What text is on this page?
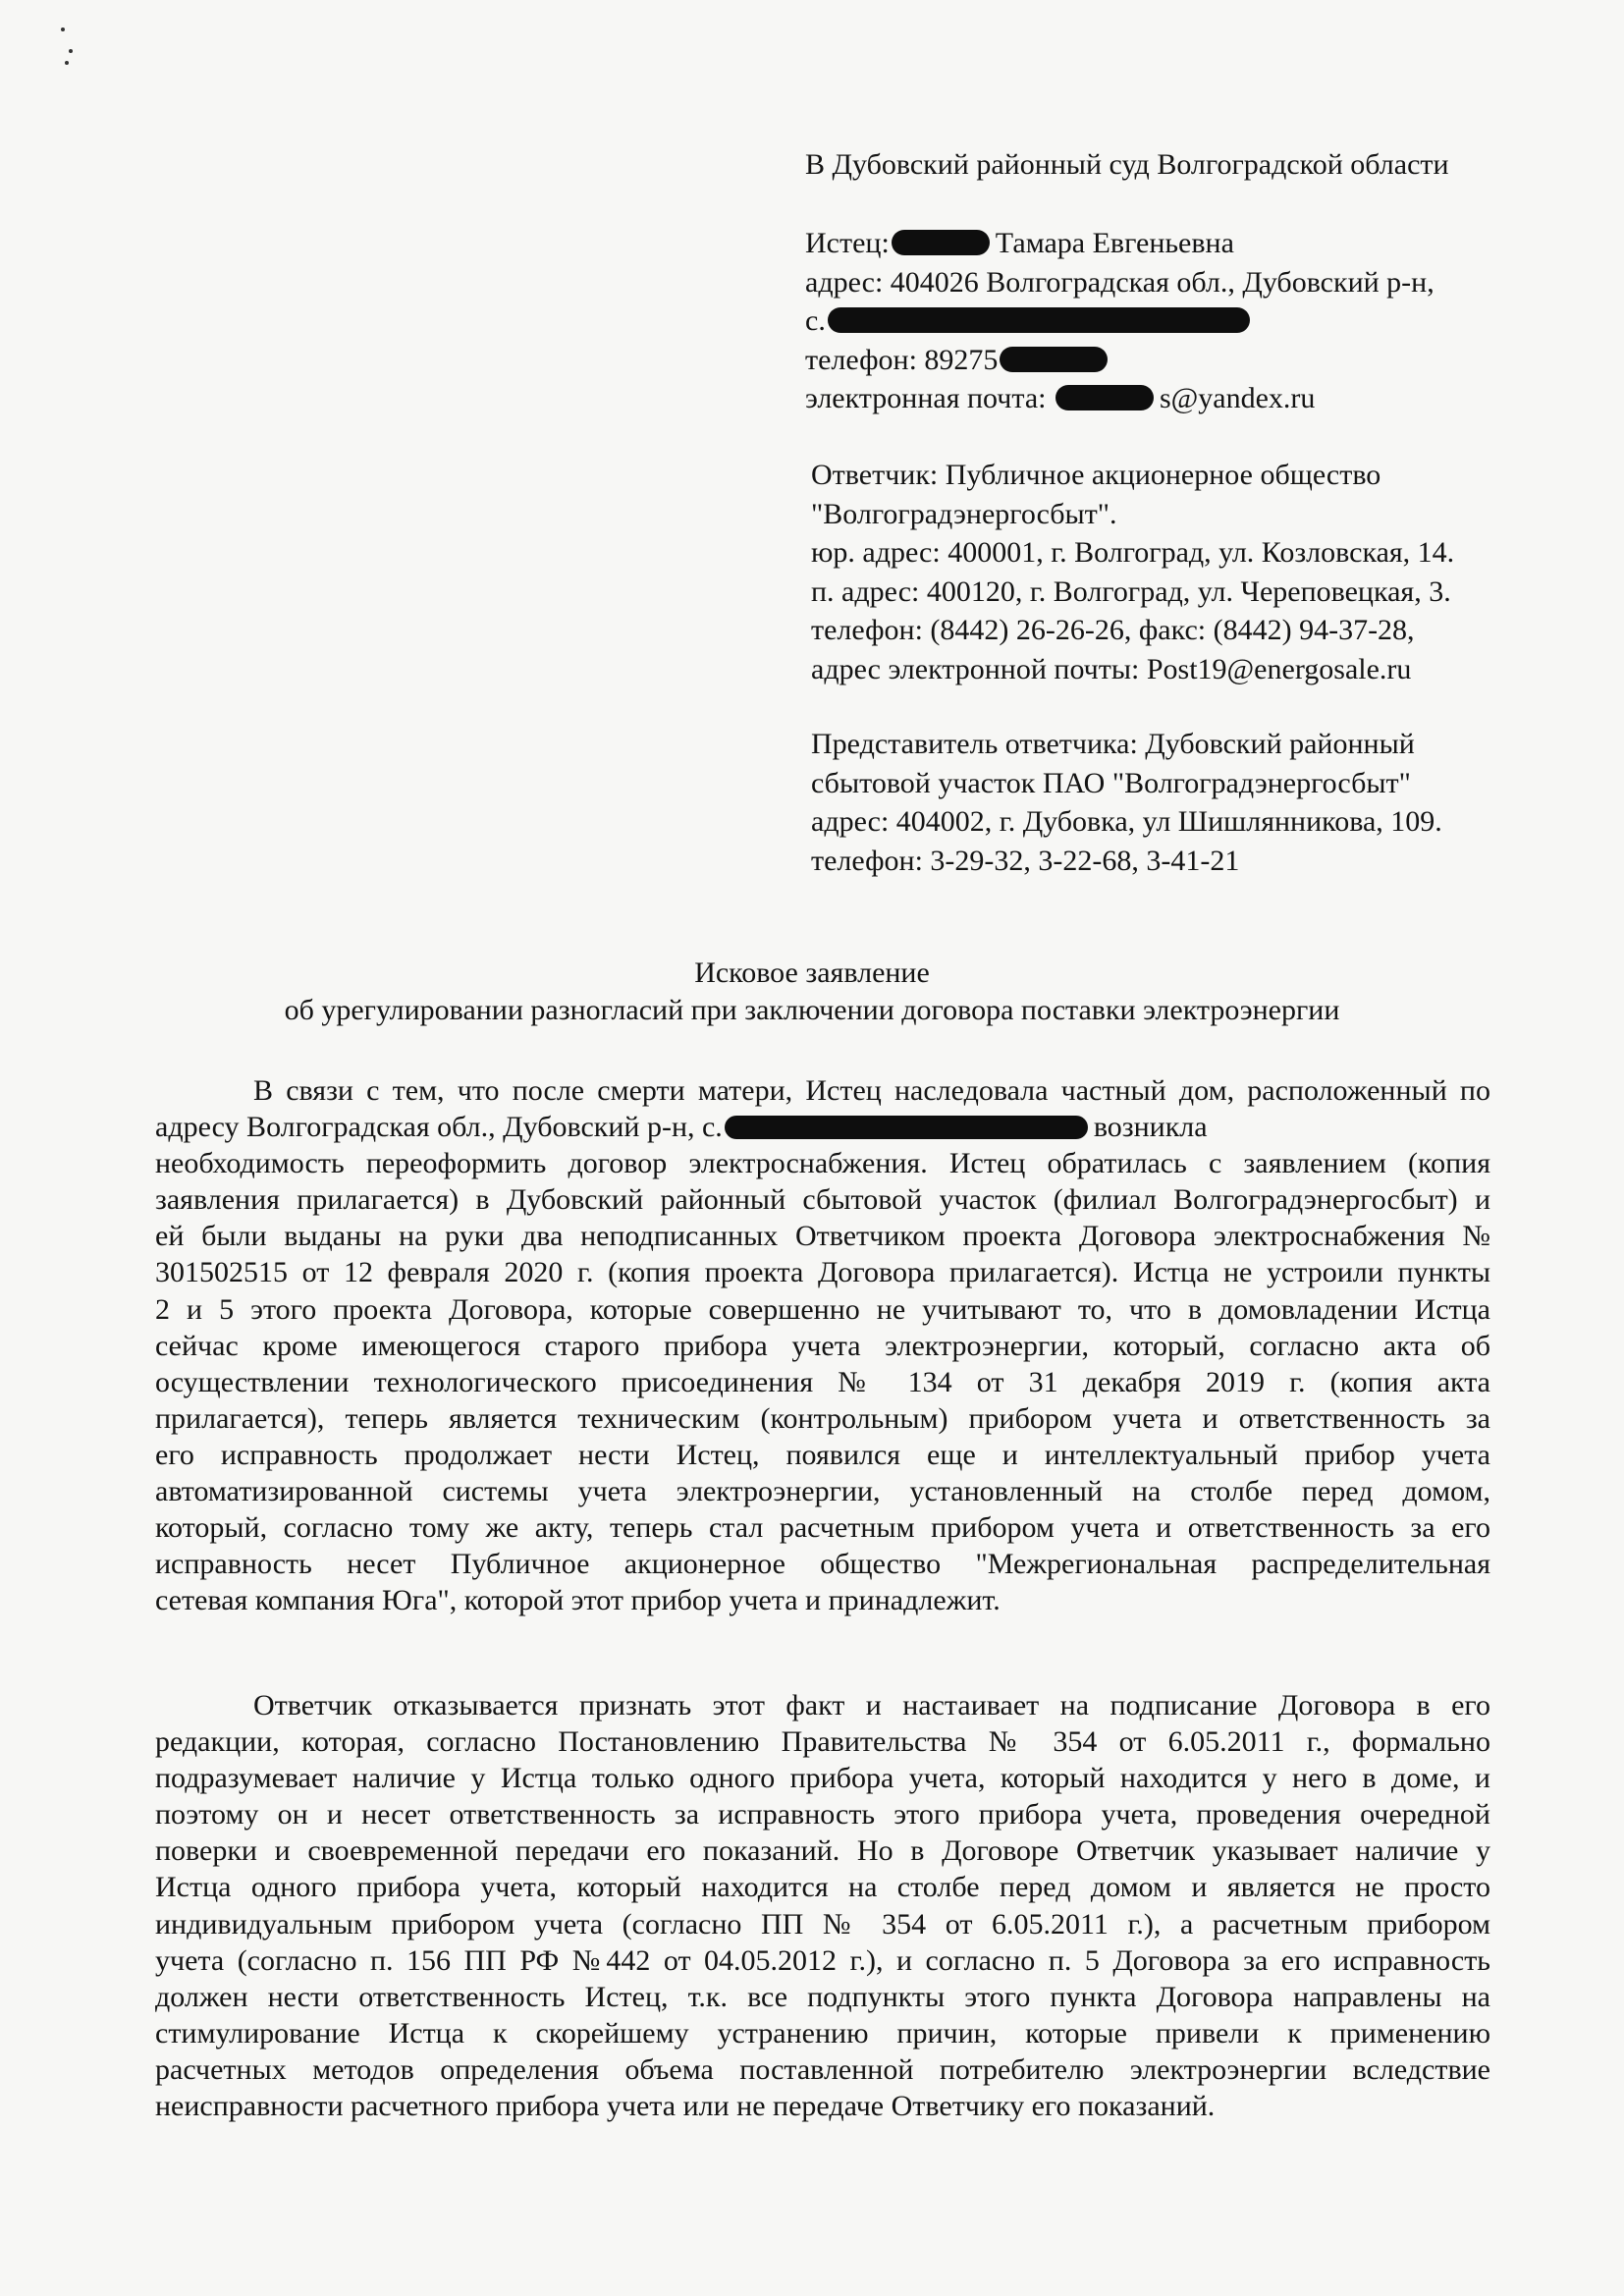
В Дубовский районный суд Волгоградской области
Истец:	Тамара Евгеньевна
адрес: 404026 Волгоградская обл., Дубовский р-н,
с.
телефон: 89275
электронная почта:	s@yandex.ru
Ответчик: Публичное акционерное общество
"Волгоградэнергосбыт".
юр. адрес: 400001, г. Волгоград, ул. Козловская, 14.
п. адрес: 400120, г. Волгоград, ул. Череповецкая, 3.
телефон: (8442) 26-26-26, факс: (8442) 94-37-28,
адрес электронной почты: Post19@energosale.ru
Представитель ответчика: Дубовский районный
сбытовой участок ПАО "Волгоградэнергосбыт"
адрес: 404002, г. Дубовка, ул Шишлянникова, 109.
телефон: 3-29-32, 3-22-68, 3-41-21
Исковое заявление
об урегулировании разногласий при заключении договора поставки электроэнергии
В связи с тем, что после смерти матери, Истец наследовала частный дом, расположенный по
адресу Волгоградская обл., Дубовский р-н, с.	возникла
необходимость переоформить договор электроснабжения. Истец обратилась с заявлением (копия
заявления прилагается) в Дубовский районный сбытовой участок (филиал Волгоградэнергосбыт) и
ей были выданы на руки два неподписанных Ответчиком проекта Договора электроснабжения №
301502515 от 12 февраля 2020 г. (копия проекта Договора прилагается). Истца не устроили пункты
2 и 5 этого проекта Договора, которые совершенно не учитывают то, что в домовладении Истца
сейчас кроме имеющегося старого прибора учета электроэнергии, который, согласно акта об
осуществлении технологического присоединения № 134 от 31 декабря 2019 г. (копия акта
прилагается), теперь является техническим (контрольным) прибором учета и ответственность за
его исправность продолжает нести Истец, появился еще и интеллектуальный прибор учета
автоматизированной системы учета электроэнергии, установленный на столбе перед домом,
который, согласно тому же акту, теперь стал расчетным прибором учета и ответственность за его
исправность несет Публичное акционерное общество "Межрегиональная распределительная
сетевая компания Юга", которой этот прибор учета и принадлежит.
Ответчик отказывается признать этот факт и настаивает на подписание Договора в его
редакции, которая, согласно Постановлению Правительства № 354 от 6.05.2011 г., формально
подразумевает наличие у Истца только одного прибора учета, который находится у него в доме, и
поэтому он и несет ответственность за исправность этого прибора учета, проведения очередной
поверки и своевременной передачи его показаний. Но в Договоре Ответчик указывает наличие у
Истца одного прибора учета, который находится на столбе перед домом и является не просто
индивидуальным прибором учета (согласно ПП № 354 от 6.05.2011 г.), а расчетным прибором
учета (согласно п. 156 ПП РФ №442 от 04.05.2012 г.), и согласно п. 5 Договора за его исправность
должен нести ответственность Истец, т.к. все подпункты этого пункта Договора направлены на
стимулирование Истца к скорейшему устранению причин, которые привели к применению
расчетных методов определения объема поставленной потребителю электроэнергии вследствие
неисправности расчетного прибора учета или не передаче Ответчику его показаний.
